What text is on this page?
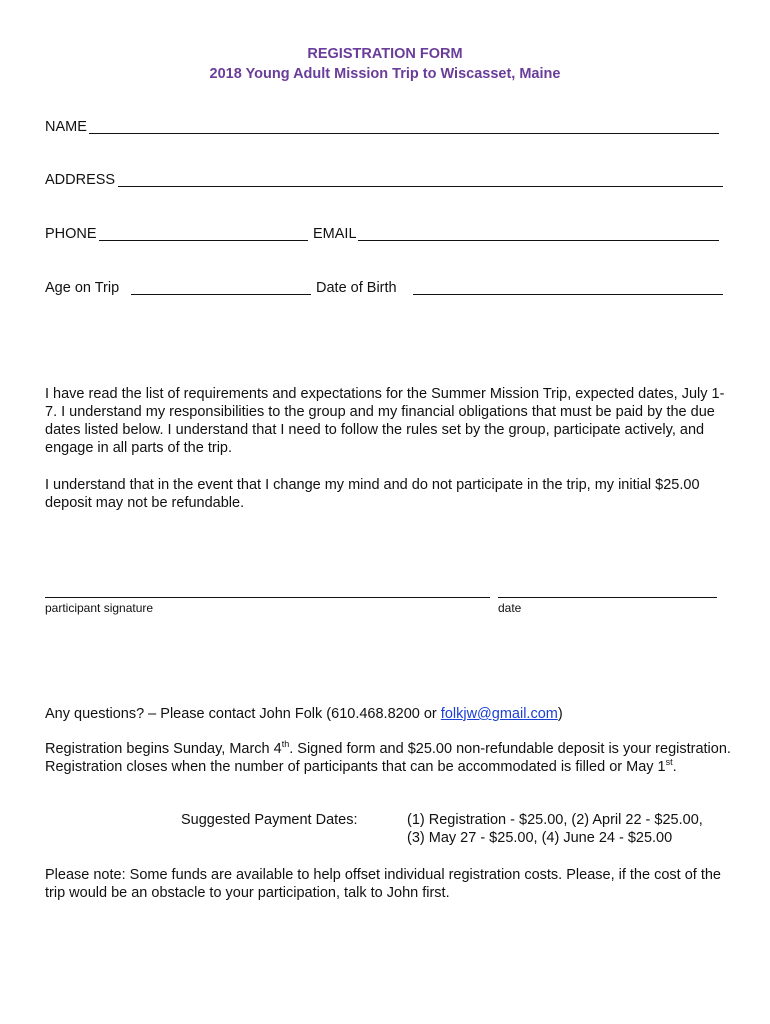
REGISTRATION FORM
2018 Young Adult Mission Trip to Wiscasset, Maine
NAME
ADDRESS
PHONE	EMAIL
Age on Trip	Date of Birth
I have read the list of requirements and expectations for the Summer Mission Trip, expected dates, July 1-7. I understand my responsibilities to the group and my financial obligations that must be paid by the due dates listed below. I understand that I need to follow the rules set by the group, participate actively, and engage in all parts of the trip.
I understand that in the event that I change my mind and do not participate in the trip, my initial $25.00 deposit may not be refundable.
participant signature	date
Any questions? – Please contact John Folk (610.468.8200 or folkjw@gmail.com)
Registration begins Sunday, March 4th. Signed form and $25.00 non-refundable deposit is your registration. Registration closes when the number of participants that can be accommodated is filled or May 1st.
Suggested Payment Dates:	(1) Registration - $25.00, (2) April 22 - $25.00,
(3) May 27 - $25.00, (4) June 24 - $25.00
Please note: Some funds are available to help offset individual registration costs. Please, if the cost of the trip would be an obstacle to your participation, talk to John first.
